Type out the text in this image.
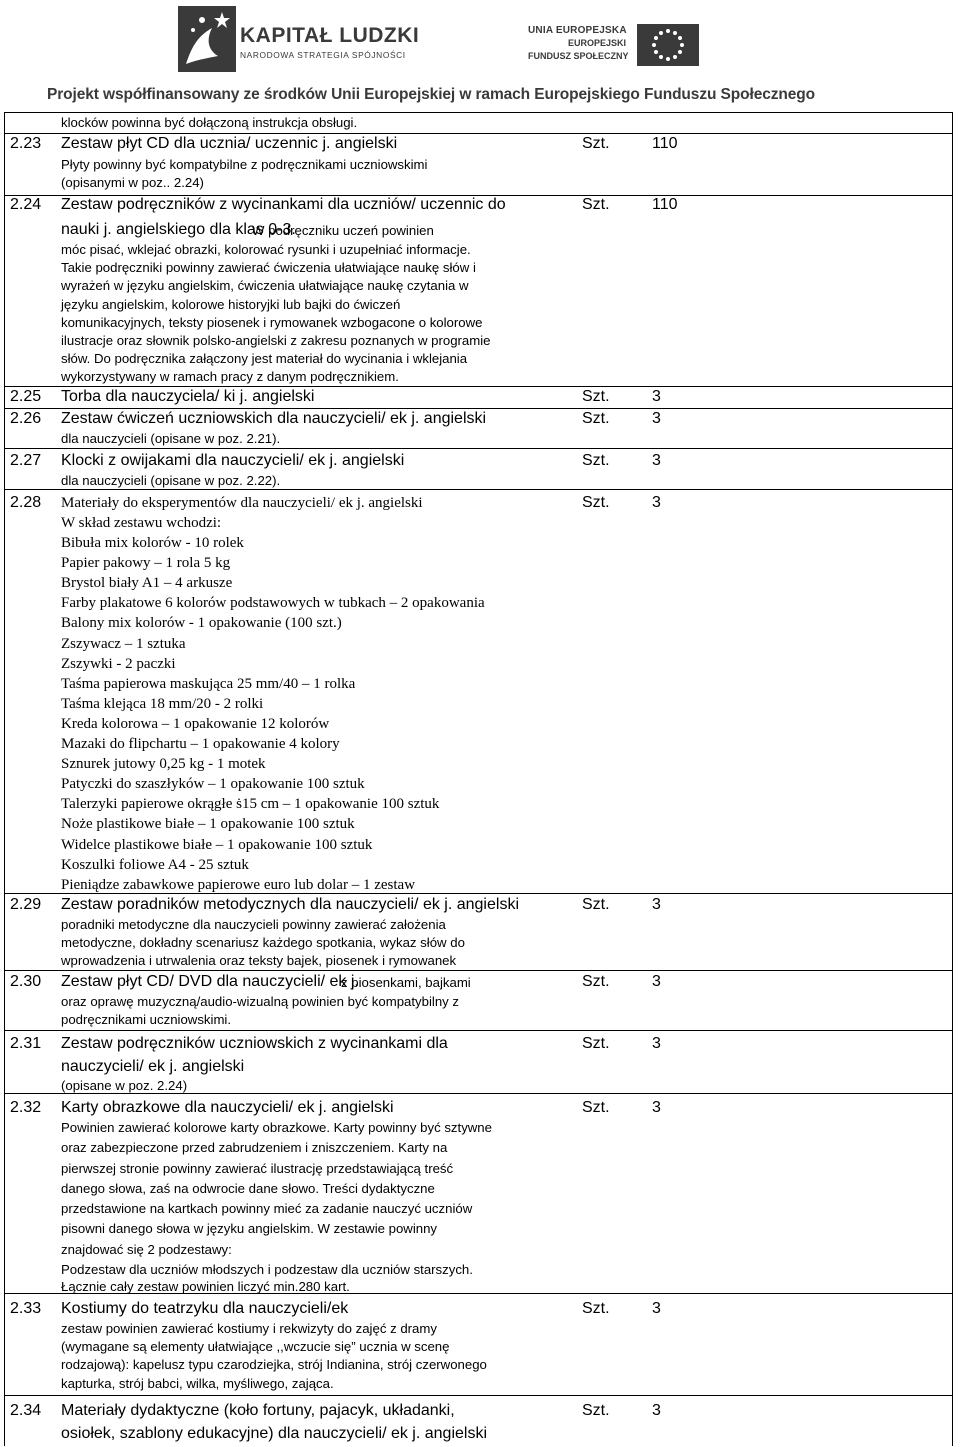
KAPITAŁ LUDZKI
NARODOWA STRATEGIA SPÓJNOŚCI
UNIA EUROPEJSKA
EUROPEJSKI
FUNDUSZ SPOŁECZNY
Projekt współfinansowany ze środków Unii Europejskiej w ramach Europejskiego Funduszu Społecznego
klocków powinna być dołączoną instrukcja obsługi.
2.23 Zestaw płyt CD dla ucznia/ uczennic j. angielski
Płyty powinny być kompatybilne z podręcznikami uczniowskimi
(opisanymi w poz.. 2.24)
Szt.	110
2.24 Zestaw podręczników z wycinankami dla uczniów/ uczennic do
nauki j. angielskiego dla klas 0-3.
W podręczniku uczeń powinien
móc pisać, wklejać obrazki, kolorować rysunki i uzupełniać informacje.
Takie podręczniki powinny zawierać ćwiczenia ułatwiające naukę słów i
wyrażeń w języku angielskim, ćwiczenia ułatwiające naukę czytania w
języku angielskim, kolorowe historyjki lub bajki do ćwiczeń
komunikacyjnych, teksty piosenek i rymowanek wzbogacone o kolorowe
ilustracje oraz słownik polsko-angielski z zakresu poznanych w programie
słów. Do podręcznika załączony jest materiał do wycinania i wklejania
wykorzystywany w ramach pracy z danym podręcznikiem.
Szt.	110
2.25 Torba dla nauczyciela/ ki j. angielski	Szt.	3
2.26 Zestaw ćwiczeń uczniowskich dla nauczycieli/ ek j. angielski
dla nauczycieli (opisane w poz. 2.21).
Szt.	3
2.27 Klocki z owijakami dla nauczycieli/ ek j. angielski
dla nauczycieli (opisane w poz. 2.22).
Szt.	3
2.28 Materiały do eksperymentów dla nauczycieli/ ek j. angielski
W skład zestawu wchodzi:
Bibuła mix kolorów - 10 rolek
Papier pakowy – 1 rola 5 kg
Brystol biały A1 – 4 arkusze
Farby plakatowe 6 kolorów podstawowych w tubkach – 2 opakowania
Balony mix kolorów - 1 opakowanie (100 szt.)
Zszywacz – 1 sztuka
Zszywki - 2 paczki
Taśma papierowa maskująca 25 mm/40 – 1 rolka
Taśma klejąca 18 mm/20 - 2 rolki
Kreda kolorowa – 1 opakowanie 12 kolorów
Mazaki do flipchartu – 1 opakowanie 4 kolory
Sznurek jutowy 0,25 kg - 1 motek
Patyczki do szaszłyków – 1 opakowanie 100 sztuk
Talerzyki papierowe okrągłe ṡ15 cm – 1 opakowanie 100 sztuk
Noże plastikowe białe – 1 opakowanie 100 sztuk
Widelce plastikowe białe – 1 opakowanie 100 sztuk
Koszulki foliowe A4 - 25 sztuk
Pieniądze zabawkowe papierowe euro lub dolar – 1 zestaw
Szt.	3
2.29 Zestaw poradników metodycznych dla nauczycieli/ ek j. angielski
poradniki metodyczne dla nauczycieli powinny zawierać założenia
metodyczne, dokładny scenariusz każdego spotkania, wykaz słów do
wprowadzenia i utrwalenia oraz teksty bajek, piosenek i rymowanek
Szt.	3
2.30 Zestaw płyt CD/ DVD dla nauczycieli/ ek j.
z piosenkami, bajkami
oraz oprawę muzyczną/audio-wizualną powinien być kompatybilny z
podręcznikami uczniowskimi.
Szt.	3
2.31 Zestaw podręczników uczniowskich z wycinankami dla
nauczycieli/ ek j. angielski
(opisane w poz. 2.24)
Szt.	3
2.32 Karty obrazkowe dla nauczycieli/ ek j. angielski
Powinien zawierać kolorowe karty obrazkowe. Karty powinny być sztywne
oraz zabezpieczone przed zabrudzeniem i zniszczeniem. Karty na
pierwszej stronie powinny zawierać ilustrację przedstawiającą treść
danego słowa, zaś na odwrocie dane słowo. Treści dydaktyczne
przedstawione na kartkach powinny mieć za zadanie nauczyć uczniów
pisowni danego słowa w języku angielskim. W zestawie powinny
znajdować się 2 podzestawy:
Podzestaw dla uczniów młodszych i podzestaw dla uczniów starszych.
Łącznie cały zestaw powinien liczyć min.280 kart.
Szt.	3
2.33 Kostiumy do teatrzyku dla nauczycieli/ek
zestaw powinien zawierać kostiumy i rekwizyty do zajęć z dramy
(wymagane są elementy ułatwiające ,,wczucie się” ucznia w scenę
rodzajową): kapelusz typu czarodziejka, strój Indianina, strój czerwonego
kapturka, strój babci, wilka, myśliwego, zająca.
Szt.	3
2.34 Materiały dydaktyczne (koło fortuny, pajacyk, układanki,
osiołek, szablony edukacyjne) dla nauczycieli/ ek j. angielski
Szt.	3
